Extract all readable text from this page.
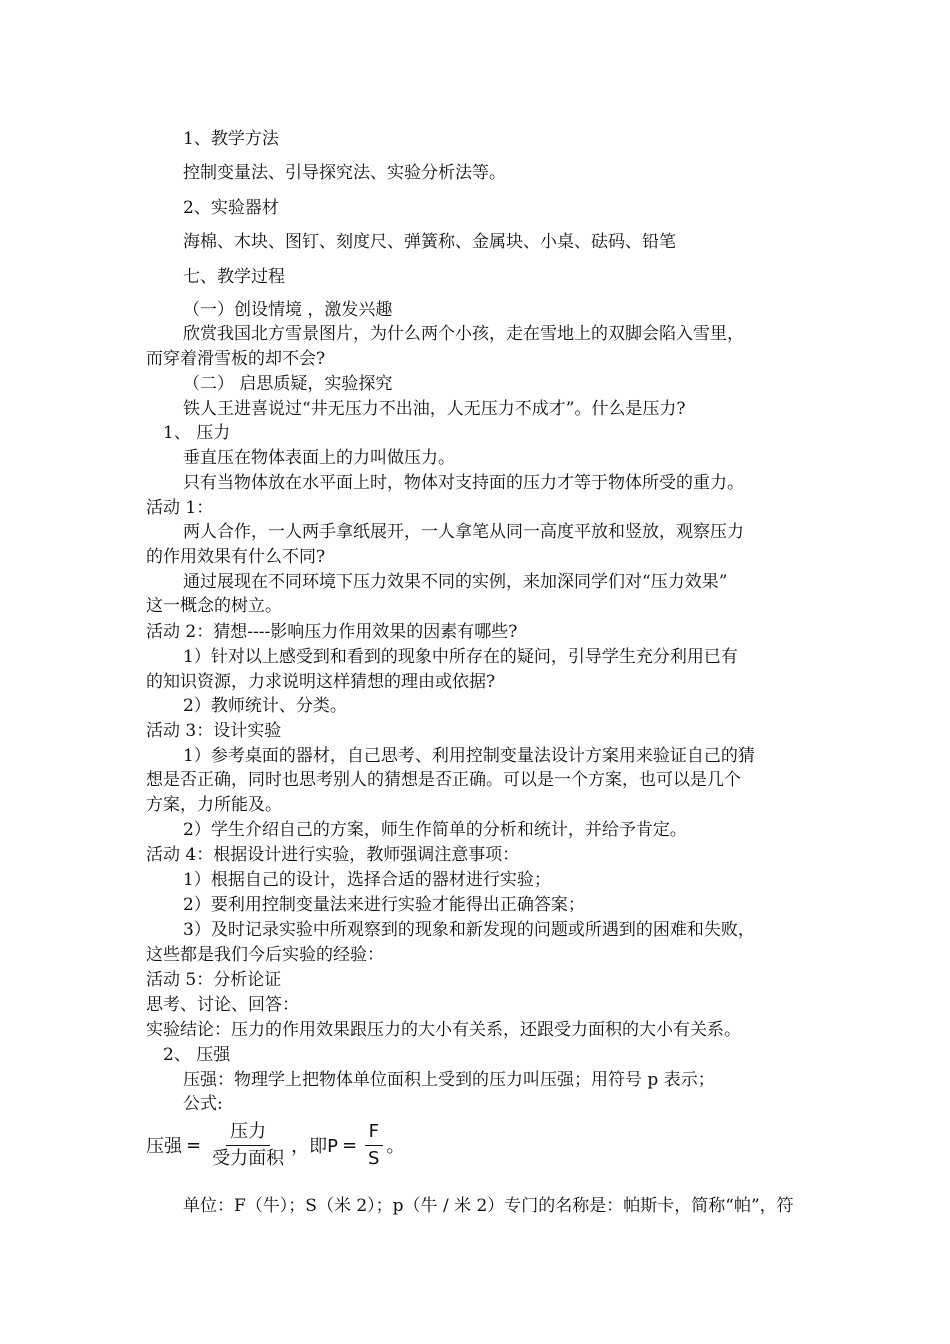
1、教学方法
控制变量法、引导探究法、实验分析法等。
2、实验器材
海棉、木块、图钉、刻度尺、弹簧称、金属块、小桌、砝码、铅笔
七、教学过程
（一）创设情境 ，激发兴趣
欣赏我国北方雪景图片，为什么两个小孩，走在雪地上的双脚会陷入雪里，
而穿着滑雪板的却不会?
（二） 启思质疑，实验探究
铁人王进喜说过“井无压力不出油，人无压力不成才”。什么是压力?
1、 压力
垂直压在物体表面上的力叫做压力。
只有当物体放在水平面上时，物体对支持面的压力才等于物体所受的重力。
活动 1：
两人合作，一人两手拿纸展开，一人拿笔从同一高度平放和竖放，观察压力
的作用效果有什么不同?
通过展现在不同环境下压力效果不同的实例，来加深同学们对“压力效果”
这一概念的树立。
活动 2：猜想----影响压力作用效果的因素有哪些?
1）针对以上感受到和看到的现象中所存在的疑问，引导学生充分利用已有
的知识资源，力求说明这样猜想的理由或依据?
2）教师统计、分类。
活动 3：设计实验
1）参考桌面的器材，自己思考、利用控制变量法设计方案用来验证自己的猜
想是否正确，同时也思考别人的猜想是否正确。可以是一个方案，也可以是几个
方案，力所能及。
2）学生介绍自己的方案，师生作简单的分析和统计，并给予肯定。
活动 4：根据设计进行实验，教师强调注意事项：
1）根据自己的设计，选择合适的器材进行实验；
2）要利用控制变量法来进行实验才能得出正确答案；
3）及时记录实验中所观察到的现象和新发现的问题或所遇到的困难和失败，
这些都是我们今后实验的经验：
活动 5：分析论证
思考、讨论、回答：
实验结论：压力的作用效果跟压力的大小有关系，还跟受力面积的大小有关系。
2、 压强
压强：物理学上把物体单位面积上受到的压力叫压强；用符号 p 表示；
公式:
压强 = $\frac{\text{压力}}{\text{受力面积}}$ ， 即$P = \frac{F}{S}$ 。
单位：F（牛）；S（米 2）；p（牛 / 米 2）专门的名称是：帕斯卡，简称“帕”，符
